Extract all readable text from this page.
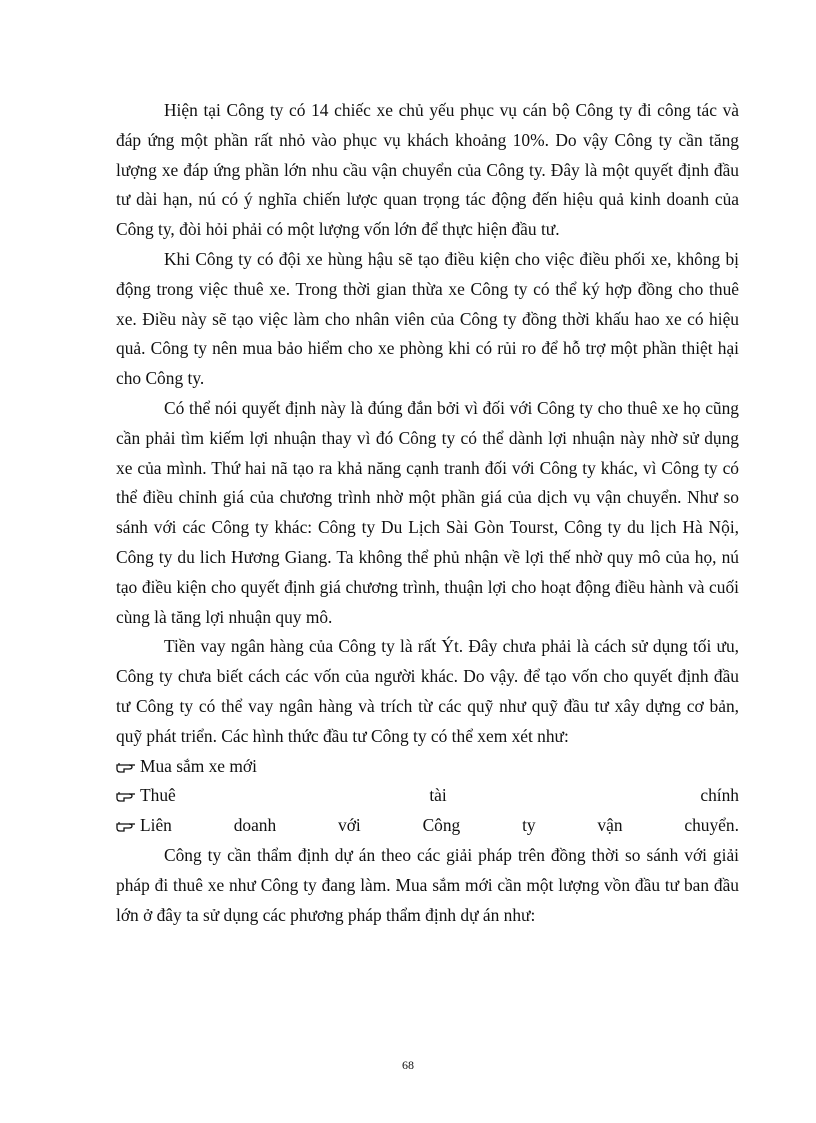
Hiện tại Công ty có 14 chiếc xe chủ yếu phục vụ cán bộ Công ty đi công tác và đáp ứng một phần rất nhỏ vào phục vụ khách khoảng 10%. Do vậy Công ty cần tăng lượng xe đáp ứng phần lớn nhu cầu vận chuyển của Công ty. Đây là một quyết định đầu tư dài hạn, nú có ý nghĩa chiến lược quan trọng tác động đến hiệu quả kinh doanh của Công ty, đòi hỏi phải có một lượng vốn lớn để thực hiện đầu tư.

Khi Công ty có đội xe hùng hậu sẽ tạo điều kiện cho việc điều phối xe, không bị động trong việc thuê xe. Trong thời gian thừa xe Công ty có thể ký hợp đồng cho thuê xe. Điều này sẽ tạo việc làm cho nhân viên của Công ty đồng thời khấu hao xe có hiệu quả. Công ty nên mua bảo hiểm cho xe phòng khi có rủi ro để hỗ trợ một phần thiệt hại cho Công ty.

Có thể nói quyết định này là đúng đắn bởi vì đối với Công ty cho thuê xe họ cũng cần phải tìm kiếm lợi nhuận thay vì đó Công ty có thể dành lợi nhuận này nhờ sử dụng xe của mình. Thứ hai nã tạo ra khả năng cạnh tranh đối với Công ty khác, vì Công ty có thể điều chỉnh giá của chương trình nhờ một phần giá của dịch vụ vận chuyển. Như so sánh với các Công ty khác: Công ty Du Lịch Sài Gòn Tourst, Công ty du lịch Hà Nội, Công ty du lich Hương Giang. Ta không thể phủ nhận về lợi thế nhờ quy mô của họ, nú tạo điều kiện cho quyết định giá chương trình, thuận lợi cho hoạt động điều hành và cuối cùng là tăng lợi nhuận quy mô.

Tiền vay ngân hàng của Công ty là rất Ýt. Đây chưa phải là cách sử dụng tối ưu, Công ty chưa biết cách các vốn của người khác. Do vậy. để tạo vốn cho quyết định đầu tư Công ty có thể vay ngân hàng và trích từ các quỹ như quỹ đầu tư xây dựng cơ bản, quỹ phát triển. Các hình thức đầu tư Công ty có thể xem xét như:

Mua sắm xe mới
Thuê	tài	chính
Liên	doanh	với	Công	ty	vận	chuyển.

Công ty cần thẩm định dự án theo các giải pháp trên đồng thời so sánh với giải pháp đi thuê xe như Công ty đang làm. Mua sắm mới cần một lượng vồn đầu tư ban đầu lớn ở đây ta sử dụng các phương pháp thẩm định dự án như:

68
